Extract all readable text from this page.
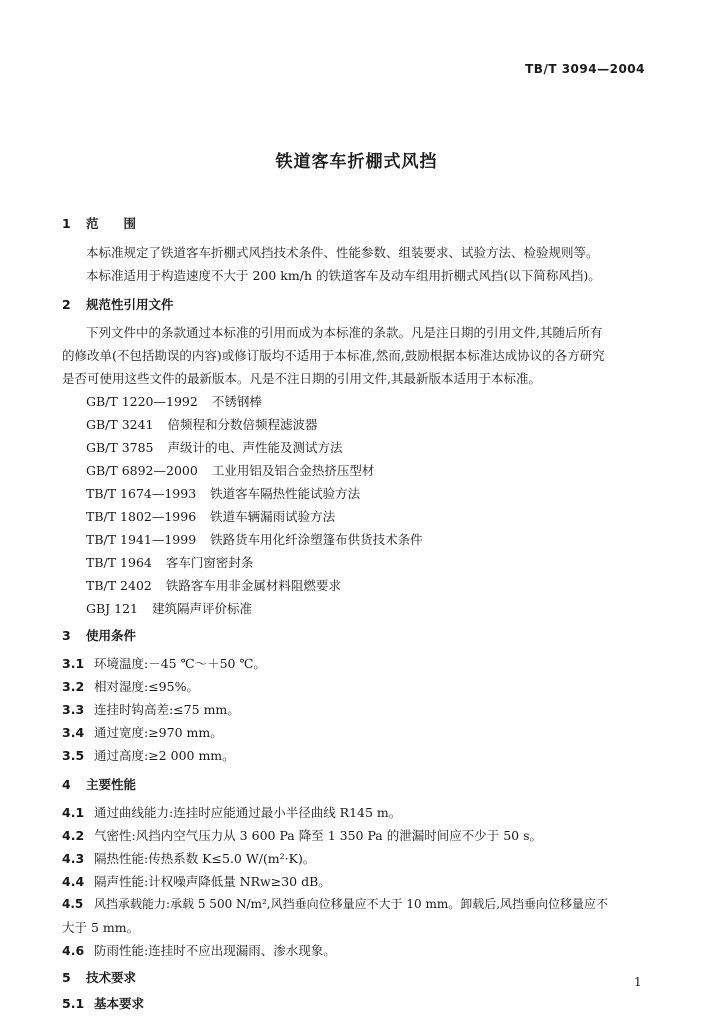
TB/T 3094—2004
铁道客车折棚式风挡
1 范　　围
本标准规定了铁道客车折棚式风挡技术条件、性能参数、组装要求、试验方法、检验规则等。
本标准适用于构造速度不大于 200 km/h 的铁道客车及动车组用折棚式风挡(以下简称风挡)。
2 规范性引用文件
下列文件中的条款通过本标准的引用而成为本标准的条款。凡是注日期的引用文件,其随后所有
的修改单(不包括勘误的内容)或修订版均不适用于本标准,然而,鼓励根据本标准达成协议的各方研究
是否可使用这些文件的最新版本。凡是不注日期的引用文件,其最新版本适用于本标准。
GB/T 1220—1992 不锈钢棒
GB/T 3241 倍频程和分数倍频程滤波器
GB/T 3785 声级计的电、声性能及测试方法
GB/T 6892—2000 工业用铝及铝合金热挤压型材
TB/T 1674—1993 铁道客车隔热性能试验方法
TB/T 1802—1996 铁道车辆漏雨试验方法
TB/T 1941—1999 铁路货车用化纤涂塑篷布供货技术条件
TB/T 1964 客车门窗密封条
TB/T 2402 铁路客车用非金属材料阻燃要求
GBJ 121 建筑隔声评价标准
3 使用条件
3.1 环境温度:－45 ℃～＋50 ℃。
3.2 相对湿度:≤95%。
3.3 连挂时钩高差:≤75 mm。
3.4 通过宽度:≥970 mm。
3.5 通过高度:≥2 000 mm。
4 主要性能
4.1 通过曲线能力:连挂时应能通过最小半径曲线 R145 m。
4.2 气密性:风挡内空气压力从 3 600 Pa 降至 1 350 Pa 的泄漏时间应不少于 50 s。
4.3 隔热性能:传热系数 K≤5.0 W/(m²·K)。
4.4 隔声性能:计权噪声降低量 NRw≥30 dB。
4.5 风挡承载能力:承载 5 500 N/m²,风挡垂向位移量应不大于 10 mm。卸载后,风挡垂向位移量应不
大于 5 mm。
4.6 防雨性能:连挂时不应出现漏雨、渗水现象。
5 技术要求
5.1 基本要求
1
